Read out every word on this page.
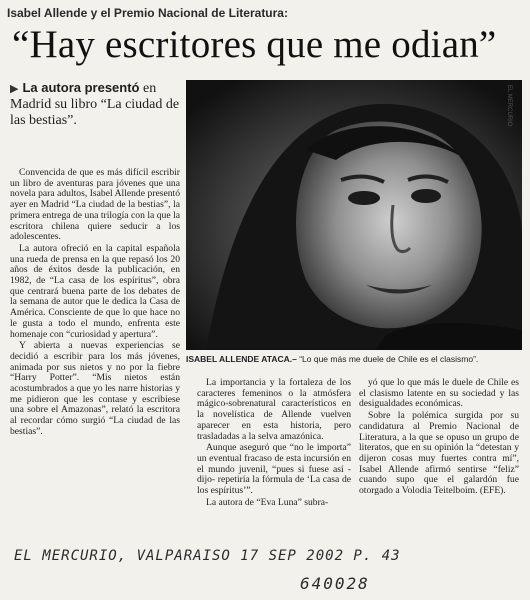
Isabel Allende y el Premio Nacional de Literatura:
“Hay escritores que me odian”
▶ La autora presentó en Madrid su libro “La ciudad de las bestias”.	EL MERCURIO
ISABEL ALLENDE ATACA.– “Lo que más me duele de Chile es el clasismo”.

Convencida de que es más difícil escribir un libro de aventuras para jóvenes que una novela para adultos, Isabel Allende presentó ayer en Madrid “La ciudad de la bestias”, la primera entrega de una trilogía con la que la escritora chilena quiere seducir a los adolescentes.

La autora ofreció en la capital española una rueda de prensa en la que repasó los 20 años de éxitos desde la publicación, en 1982, de “La casa de los espíritus”, obra que centrará buena parte de los debates de la semana de autor que le dedica la Casa de América. Consciente de que lo que hace no le gusta a todo el mundo, enfrenta este homenaje con “curiosidad y apertura”.

Y abierta a nuevas experiencias se decidió a escribir para los más jóvenes, animada por sus nietos y no por la fiebre “Harry Potter”. “Mis nietos están acostumbrados a que yo les narre historias y me pidieron que les contase y escribiese una sobre el Amazonas”, relató la escritora al recordar cómo surgió “La ciudad de las bestias”.

La importancia y la fortaleza de los caracteres femeninos o la atmósfera mágico-sobrenatural característicos en la novelística de Allende vuelven aparecer en esta historia, pero trasladadas a la selva amazónica.

Aunque aseguró que “no le importa” un eventual fracaso de esta incursión en el mundo juvenil, “pues si fuese así -dijo- repetiría la fórmula de ‘La casa de los espíritus’”.

La autora de “Eva Luna” subra-

yó que lo que más le duele de Chile es el clasismo latente en su sociedad y las desigualdades económicas.

Sobre la polémica surgida por su candidatura al Premio Nacional de Literatura, a la que se opuso un grupo de literatos, que en su opinión la “detestan y dijeron cosas muy fuertes contra mí”, Isabel Allende afirmó sentirse “feliz” cuando supo que el galardón fue otorgado a Volodia Teitelboim. (EFE).

EL MERCURIO, VALPARAISO 17 SEP 2002 P. 43
640028
